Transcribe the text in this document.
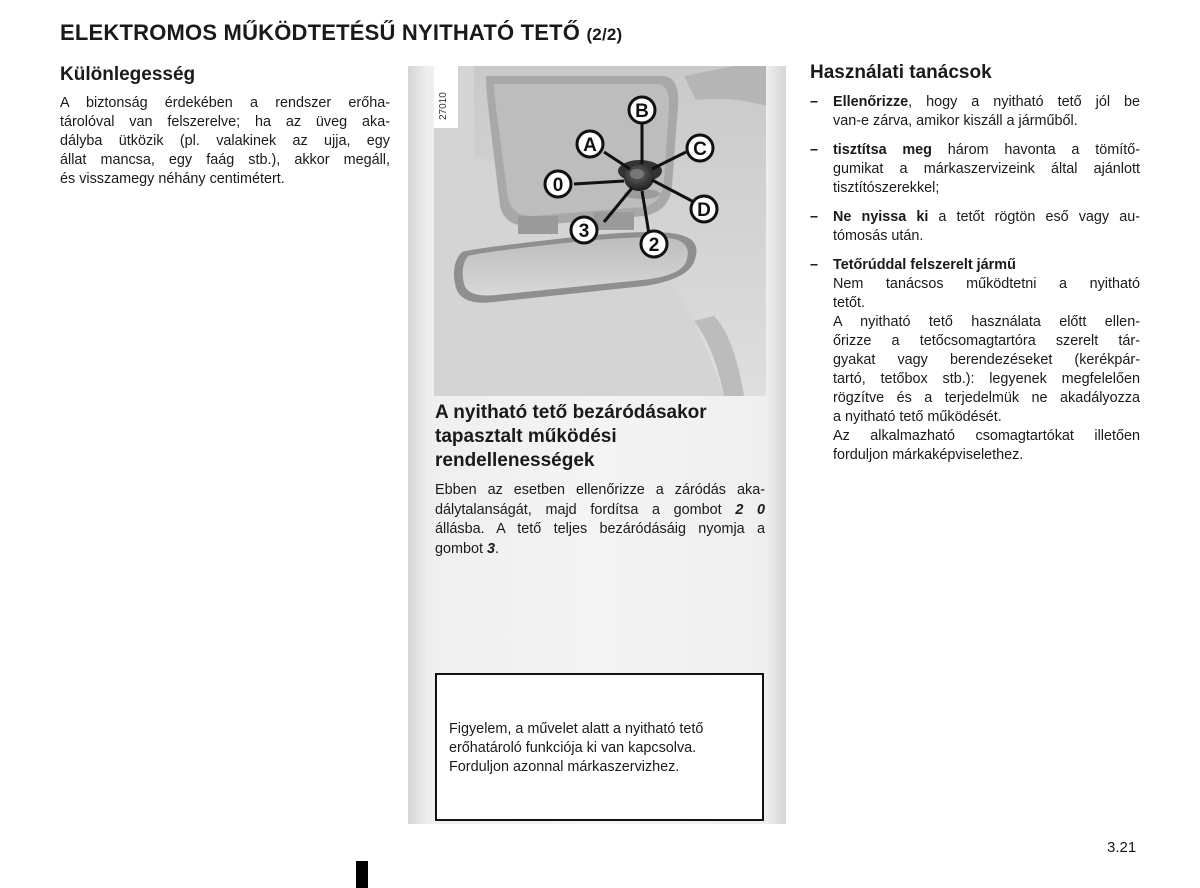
ELEKTROMOS MŰKÖDTETÉSŰ NYITHATÓ TETŐ (2/2)
Különlegesség
A biztonság érdekében a rendszer erőha-
tárolóval van felszerelve; ha az üveg aka-
dályba ütközik (pl. valakinek az ujja, egy
állat mancsa, egy faág stb.), akkor megáll,
és visszamegy néhány centimétert.
B
A	C
0
D
3
2
27010
A nyitható tető bezáródásakor
tapasztalt működési
rendellenességek
Ebben az esetben ellenőrizze a záródás aka-
dálytalanságát, majd fordítsa a gombot 2 0
állásba. A tető teljes bezáródásáig nyomja a
gombot 3.
Figyelem, a művelet alatt a nyitható tető
erőhatároló funkciója ki van kapcsolva.
Forduljon azonnal márkaszervizhez.
Használati tanácsok
–	Ellenőrizze, hogy a nyitható tető jól be
van-e zárva, amikor kiszáll a járműből.
–	tisztítsa meg három havonta a tömítő-
gumikat a márkaszervizeink által ajánlott
tisztítószerekkel;
–	Ne nyissa ki a tetőt rögtön eső vagy au-
tómosás után.
–	Tetőrúddal felszerelt jármű
Nem tanácsos működtetni a nyitható
tetőt.
A nyitható tető használata előtt ellen-
őrizze a tetőcsomagtartóra szerelt tár-
gyakat vagy berendezéseket (kerékpár-
tartó, tetőbox stb.): legyenek megfelelően
rögzítve és a terjedelmük ne akadályozza
a nyitható tető működését.
Az alkalmazható csomagtartókat illetően
forduljon márkaképviselethez.
3.21
